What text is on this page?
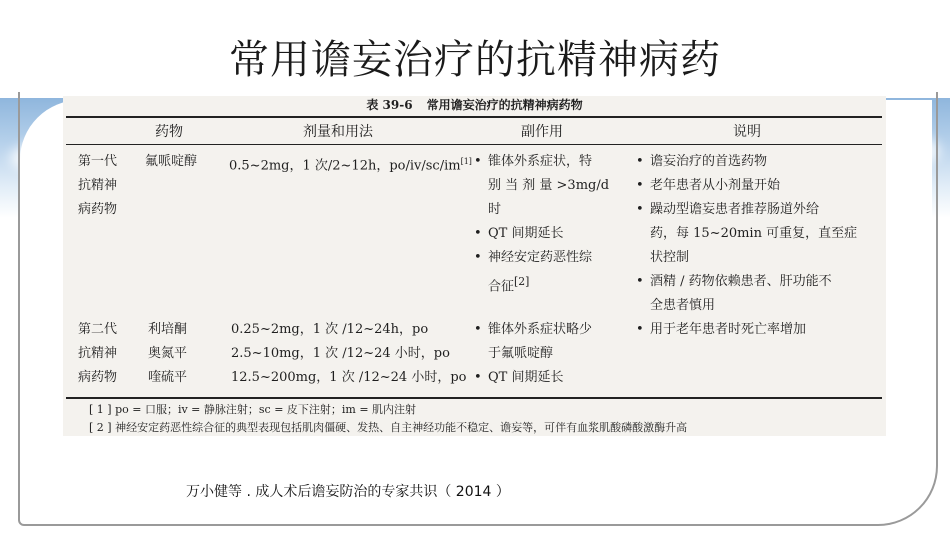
常用谵妄治疗的抗精神病药
表 39-6 常用谵妄治疗的抗精神病药物
药物	剂量和用法	副作用	说明
第一代
抗精神
病药物
氟哌啶醇 0.5~2mg，1 次/2~12h，po/iv/sc/im[1]
• 锥体外系症状，特
别 当 剂 量 >3mg/d
时
• QT 间期延长
• 神经安定药恶性综
合征[2]
• 谵妄治疗的首选药物
• 老年患者从小剂量开始
• 躁动型谵妄患者推荐肠道外给
药，每 15~20min 可重复，直至症
状控制
• 酒精 / 药物依赖患者、肝功能不
全患者慎用
第二代
抗精神
病药物
利培酮
奥氮平
喹硫平
0.25~2mg，1 次 /12~24h，po
2.5~10mg，1 次 /12~24 小时，po
12.5~200mg，1 次 /12~24 小时，po
• 锥体外系症状略少
于氟哌啶醇
• QT 间期延长
• 用于老年患者时死亡率增加
[ 1 ] po = 口服；iv = 静脉注射；sc = 皮下注射；im = 肌内注射
[ 2 ] 神经安定药恶性综合征的典型表现包括肌肉僵硬、发热、自主神经功能不稳定、谵妄等，可伴有血浆肌酸磷酸激酶升高
万小健等 . 成人术后谵妄防治的专家共识（ 2014 ）
